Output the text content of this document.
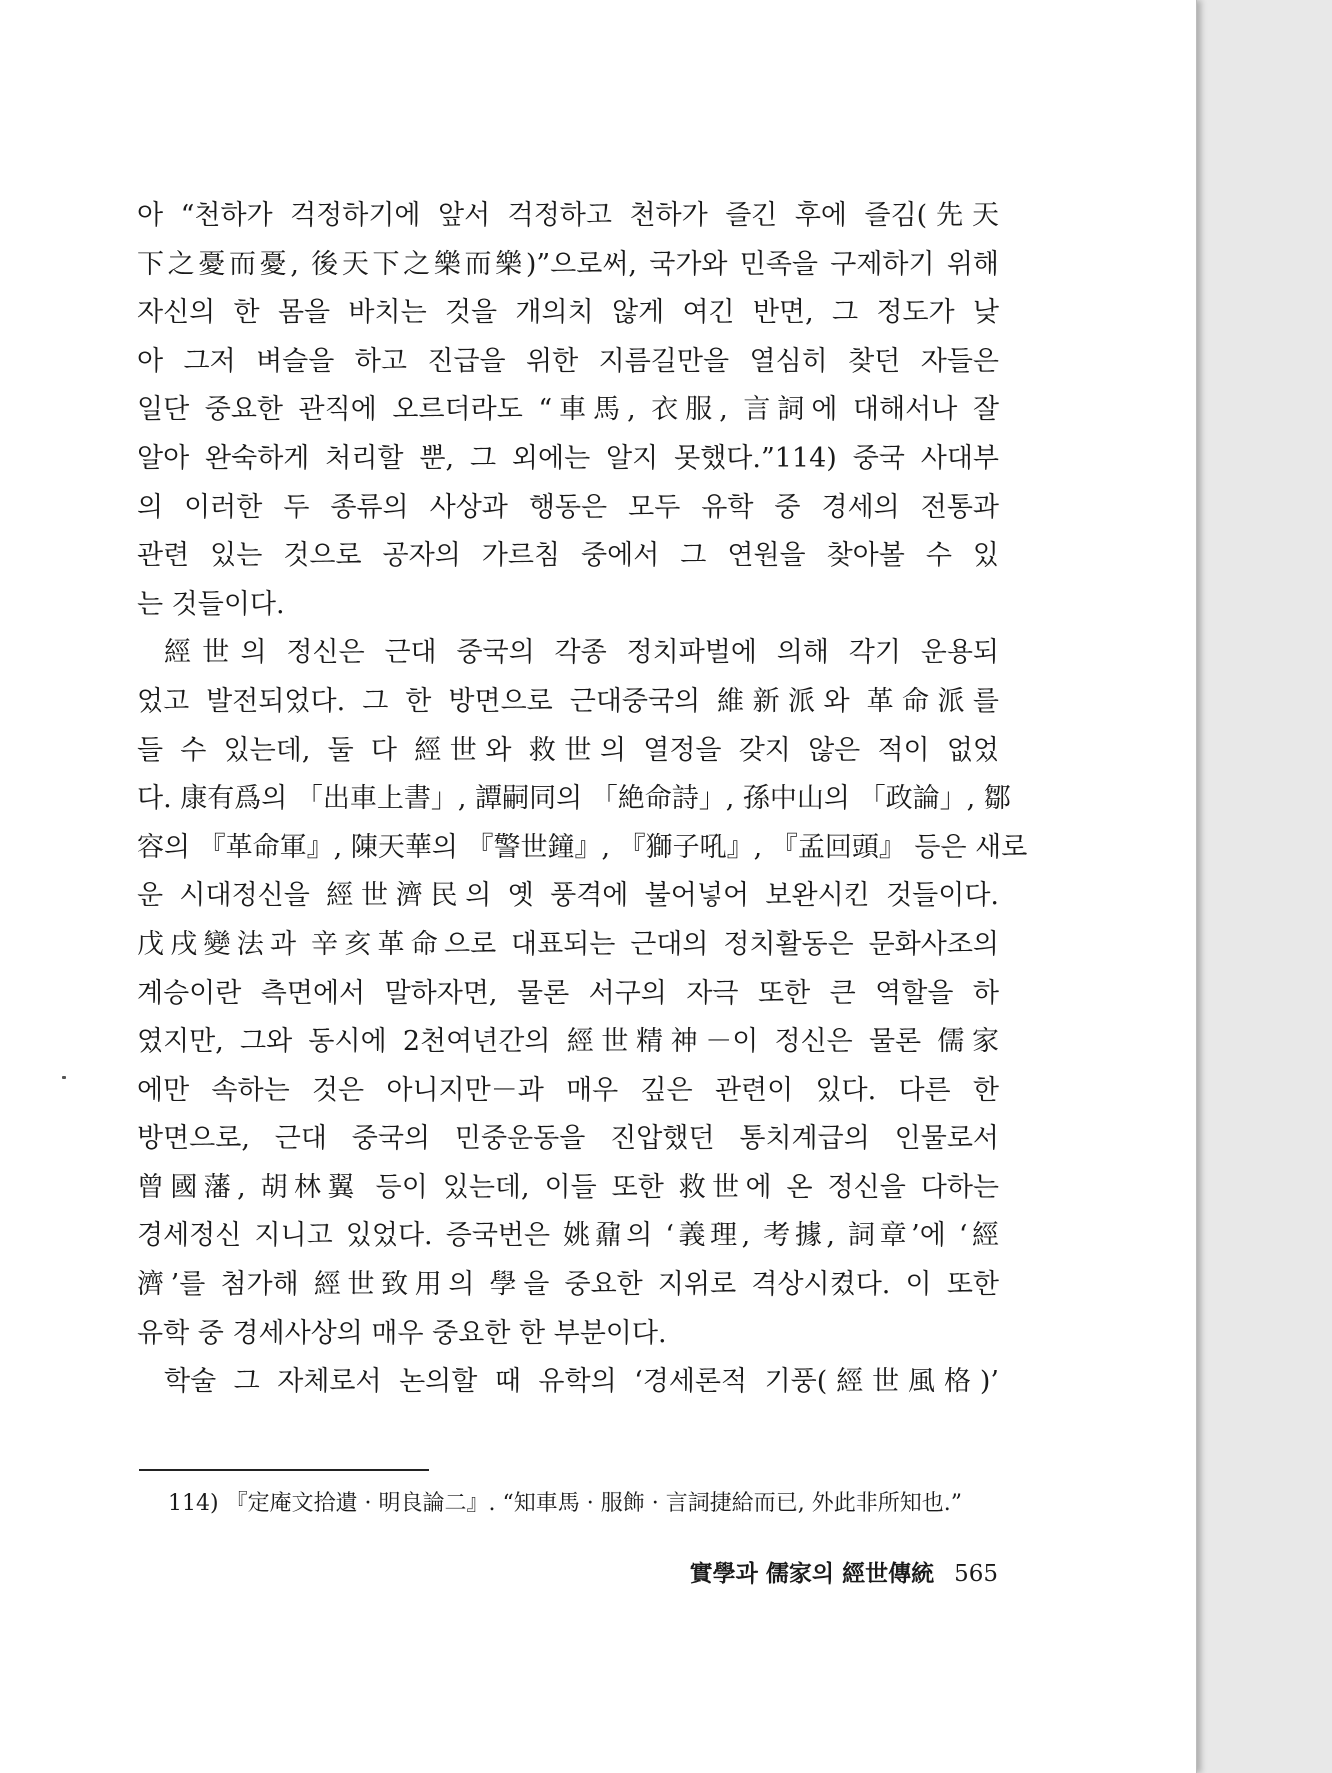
아 “천하가 걱정하기에 앞서 걱정하고 천하가 즐긴 후에 즐김(先天
下之憂而憂, 後天下之樂而樂)”으로써, 국가와 민족을 구제하기 위해
자신의 한 몸을 바치는 것을 개의치 않게 여긴 반면, 그 정도가 낮
아 그저 벼슬을 하고 진급을 위한 지름길만을 열심히 찾던 자들은
일단 중요한 관직에 오르더라도 “車馬, 衣服, 言詞에 대해서나 잘
알아 완숙하게 처리할 뿐, 그 외에는 알지 못했다.”114) 중국 사대부
의 이러한 두 종류의 사상과 행동은 모두 유학 중 경세의 전통과
관련 있는 것으로 공자의 가르침 중에서 그 연원을 찾아볼 수 있
는 것들이다.

經世의 정신은 근대 중국의 각종 정치파벌에 의해 각기 운용되
었고 발전되었다. 그 한 방면으로 근대중국의 維新派와 革命派를
들 수 있는데, 둘 다 經世와 救世의 열정을 갖지 않은 적이 없었
다. 康有爲의 「出車上書」, 譚嗣同의 「絶命詩」, 孫中山의 「政論」, 鄒
容의 『革命軍』, 陳天華의 『警世鐘』, 『獅子吼』, 『孟回頭』 등은 새로
운 시대정신을 經世濟民의 옛 풍격에 불어넣어 보완시킨 것들이다.
戊戌變法과 辛亥革命으로 대표되는 근대의 정치활동은 문화사조의
계승이란 측면에서 말하자면, 물론 서구의 자극 또한 큰 역할을 하
였지만, 그와 동시에 2천여년간의 經世精神－이 정신은 물론 儒家
에만 속하는 것은 아니지만－과 매우 깊은 관련이 있다. 다른 한
방면으로, 근대 중국의 민중운동을 진압했던 통치계급의 인물로서
曾國藩, 胡林翼 등이 있는데, 이들 또한 救世에 온 정신을 다하는
경세정신 지니고 있었다. 증국번은 姚鼐의 ‘義理, 考據, 詞章’에 ‘經
濟’를 첨가해 經世致用의 學을 중요한 지위로 격상시켰다. 이 또한
유학 중 경세사상의 매우 중요한 한 부분이다.

학술 그 자체로서 논의할 때 유학의 ‘경세론적 기풍(經世風格)’

114) 『定庵文拾遺 · 明良論二』. “知車馬 · 服飾 · 言詞捷給而已, 外此非所知也.”
實學과 儒家의 經世傳統 565
